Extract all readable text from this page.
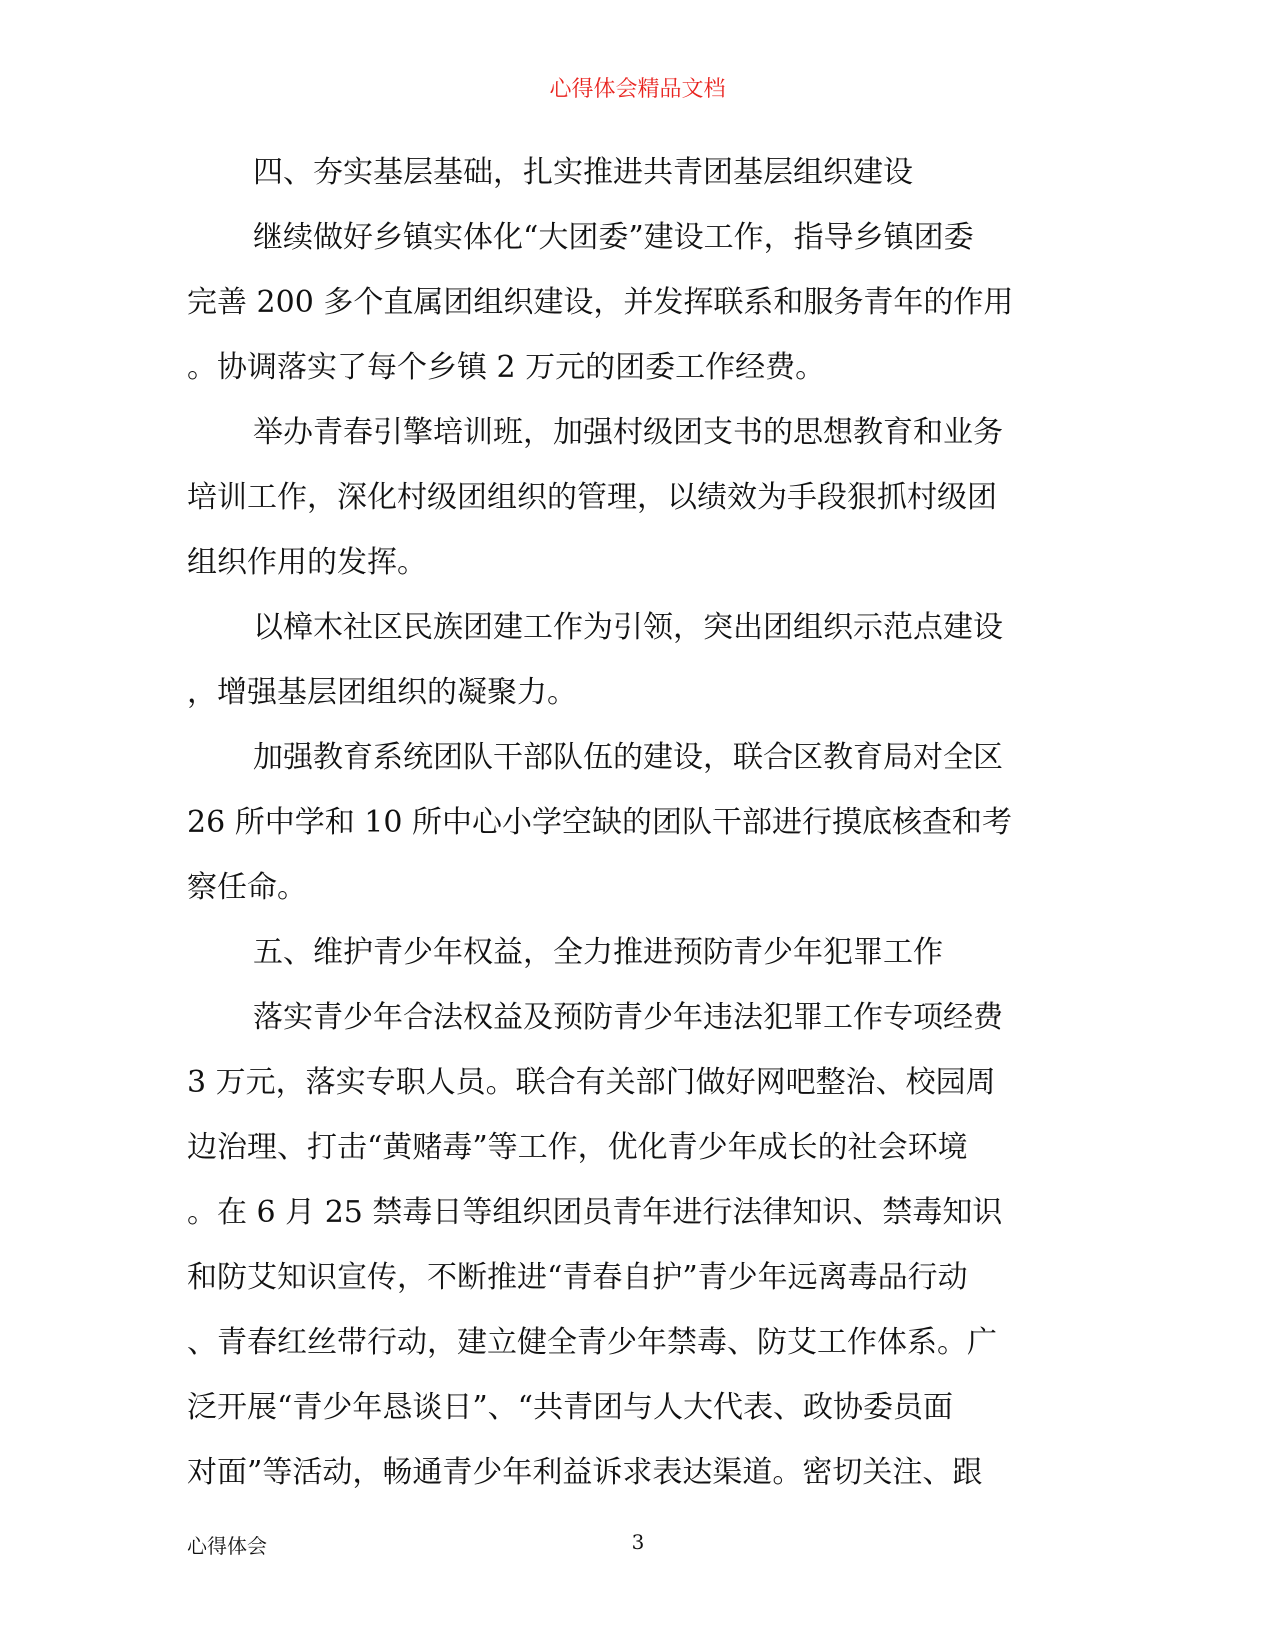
心得体会精品文档
四、夯实基层基础，扎实推进共青团基层组织建设
继续做好乡镇实体化“大团委”建设工作，指导乡镇团委
完善 200 多个直属团组织建设，并发挥联系和服务青年的作用
。协调落实了每个乡镇 2 万元的团委工作经费。
举办青春引擎培训班，加强村级团支书的思想教育和业务
培训工作，深化村级团组织的管理，以绩效为手段狠抓村级团
组织作用的发挥。
以樟木社区民族团建工作为引领，突出团组织示范点建设
，增强基层团组织的凝聚力。
加强教育系统团队干部队伍的建设，联合区教育局对全区
26 所中学和 10 所中心小学空缺的团队干部进行摸底核查和考
察任命。
五、维护青少年权益，全力推进预防青少年犯罪工作
落实青少年合法权益及预防青少年违法犯罪工作专项经费
3 万元，落实专职人员。联合有关部门做好网吧整治、校园周
边治理、打击“黄赌毒”等工作，优化青少年成长的社会环境
。在 6 月 25 禁毒日等组织团员青年进行法律知识、禁毒知识
和防艾知识宣传，不断推进“青春自护”青少年远离毒品行动
、青春红丝带行动，建立健全青少年禁毒、防艾工作体系。广
泛开展“青少年恳谈日”、“共青团与人大代表、政协委员面
对面”等活动，畅通青少年利益诉求表达渠道。密切关注、跟
心得体会	3
